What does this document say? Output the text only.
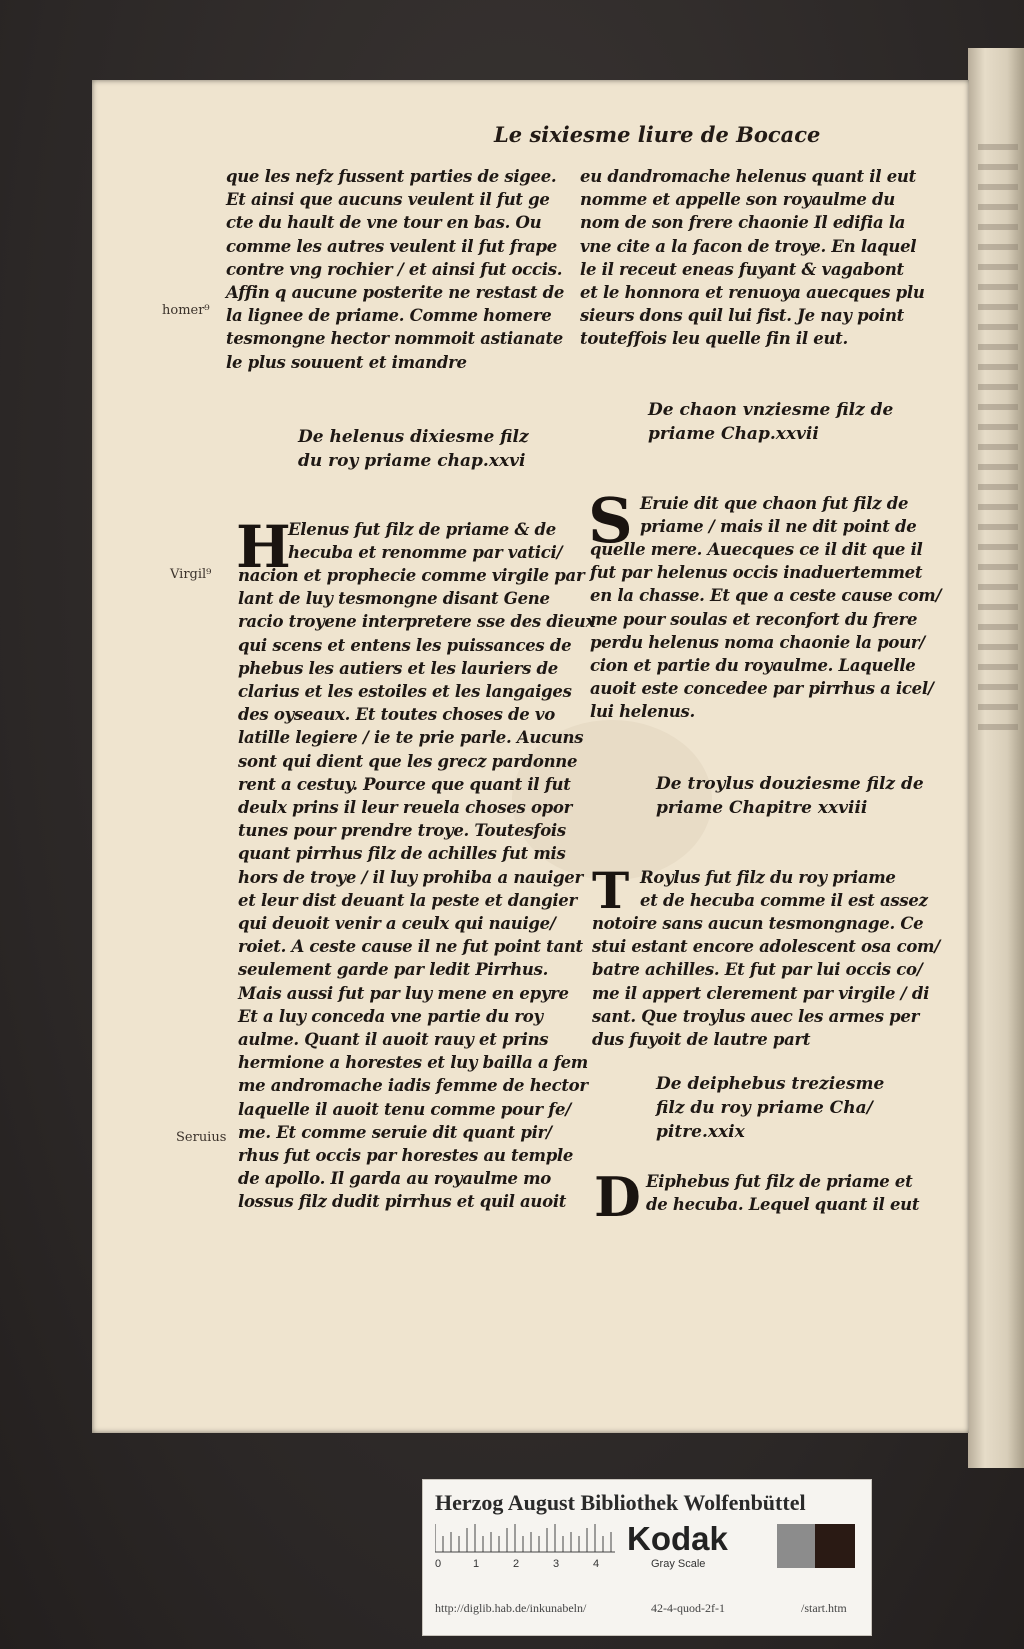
Le sixiesme liure de Bocace
homer⁹
Virgil⁹
Seruius
que les nefz fussent parties de sigee.
Et ainsi que aucuns veulent il fut ge
cte du hault de vne tour en bas. Ou
comme les autres veulent il fut frape
contre vng rochier / et ainsi fut occis.
Affin q aucune posterite ne restast de
la lignee de priame. Comme homere
tesmongne hector nommoit astianate
le plus souuent et imandre
De helenus dixiesme filz
du roy priame chap.xxvi
H
Elenus fut filz de priame & de
hecuba et renomme par vatici/
nacion et prophecie comme virgile par
lant de luy tesmongne disant Gene
racio troyene interpretere sse des dieux
qui scens et entens les puissances de
phebus les autiers et les lauriers de
clarius et les estoiles et les langaiges
des oyseaux. Et toutes choses de vo
latille legiere / ie te prie parle. Aucuns
sont qui dient que les grecz pardonne
rent a cestuy. Pource que quant il fut
deulx prins il leur reuela choses opor
tunes pour prendre troye. Toutesfois
quant pirrhus filz de achilles fut mis
hors de troye / il luy prohiba a nauiger
et leur dist deuant la peste et dangier
qui deuoit venir a ceulx qui nauige/
roiet. A ceste cause il ne fut point tant
seulement garde par ledit Pirrhus.
Mais aussi fut par luy mene en epyre
Et a luy conceda vne partie du roy
aulme. Quant il auoit rauy et prins
hermione a horestes et luy bailla a fem
me andromache iadis femme de hector
laquelle il auoit tenu comme pour fe/
me. Et comme seruie dit quant pir/
rhus fut occis par horestes au temple
de apollo. Il garda au royaulme mo
lossus filz dudit pirrhus et quil auoit
eu dandromache helenus quant il eut
nomme et appelle son royaulme du
nom de son frere chaonie Il edifia la
vne cite a la facon de troye. En laquel
le il receut eneas fuyant & vagabont
et le honnora et renuoya auecques plu
sieurs dons quil lui fist. Je nay point
touteffois leu quelle fin il eut.
De chaon vnziesme filz de
priame Chap.xxvii
S Eruie dit que chaon fut filz de
priame / mais il ne dit point de
quelle mere. Auecques ce il dit que il
fut par helenus occis inaduertemmet
en la chasse. Et que a ceste cause com/
me pour soulas et reconfort du frere
perdu helenus noma chaonie la pour/
cion et partie du royaulme. Laquelle
auoit este concedee par pirrhus a icel/
lui helenus.
De troylus douziesme filz de
priame Chapitre xxviii
T Roylus fut filz du roy priame
et de hecuba comme il est assez
notoire sans aucun tesmongnage. Ce
stui estant encore adolescent osa com/
batre achilles. Et fut par lui occis co/
me il appert clerement par virgile / di
sant. Que troylus auec les armes per
dus fuyoit de lautre part
De deiphebus treziesme
filz du roy priame Cha/
pitre.xxix
D Eiphebus fut filz de priame et
de hecuba. Lequel quant il eut
Herzog August Bibliothek Wolfenbüttel
0	1	2	3	4
Kodak
Gray Scale
http://diglib.hab.de/inkunabeln/	42-4-quod-2f-1	/start.htm
